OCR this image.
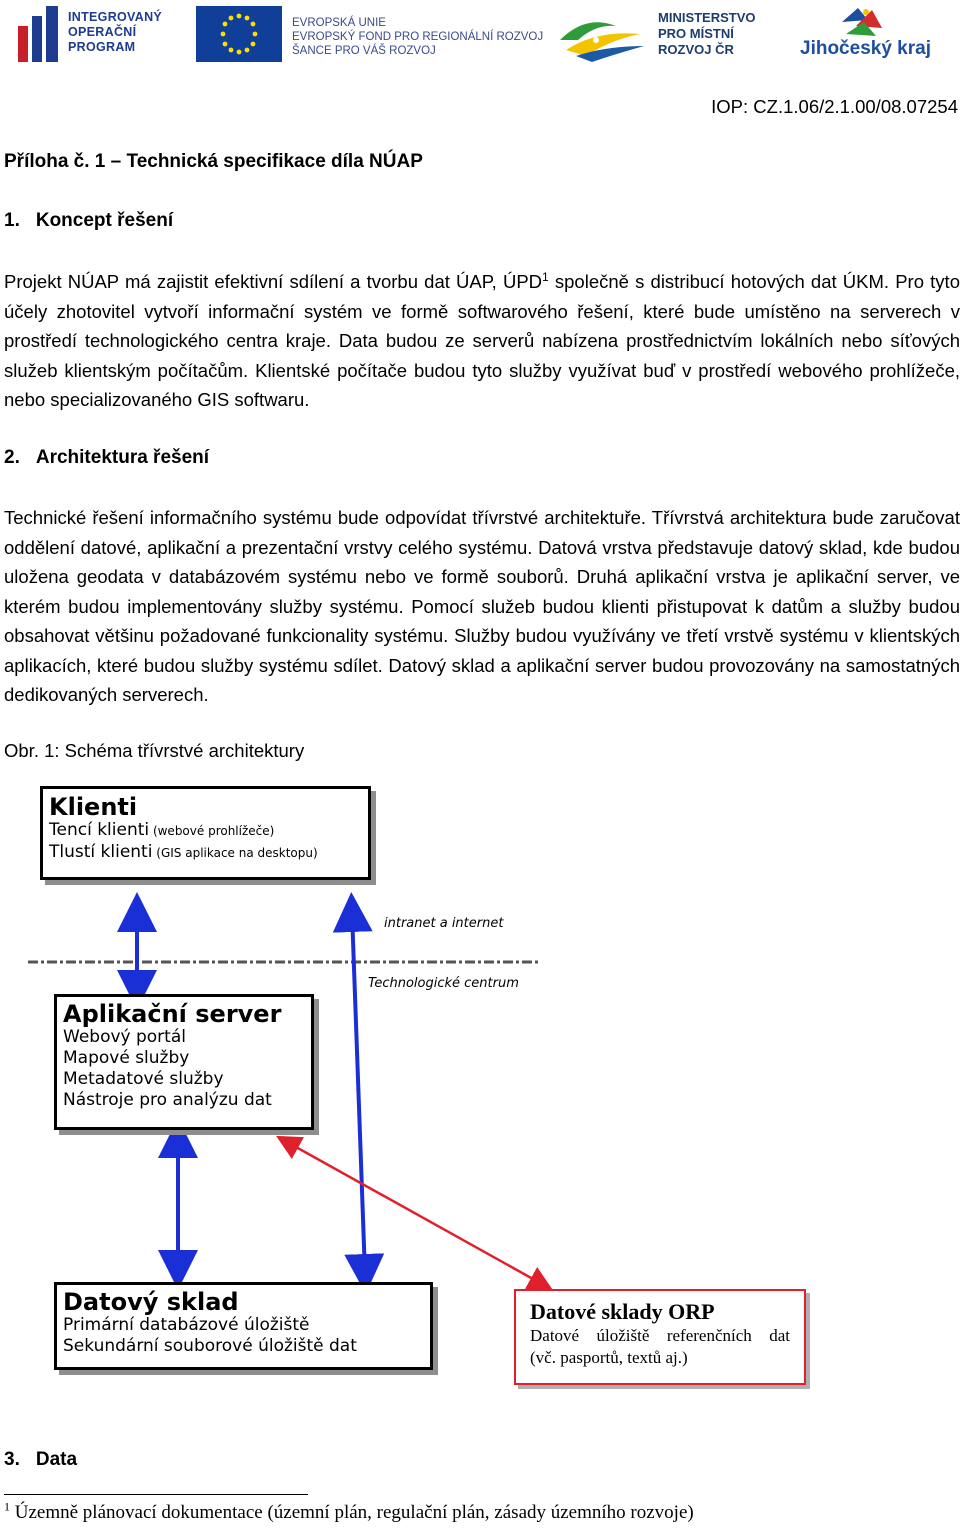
INTEGROVANÝ
OPERAČNÍ
PROGRAM
EVROPSKÁ UNIE
EVROPSKÝ FOND PRO REGIONÁLNÍ ROZVOJ
ŠANCE PRO VÁŠ ROZVOJ
MINISTERSTVO
PRO MÍSTNÍ
ROZVOJ ČR	Jihočeský kraj
IOP: CZ.1.06/2.1.00/08.07254
Příloha č. 1 – Technická specifikace díla NÚAP
1. Koncept řešení
Projekt NÚAP má zajistit efektivní sdílení a tvorbu dat ÚAP, ÚPD$^1$ společně s distribucí hotových dat ÚKM. Pro tyto účely zhotovitel vytvoří informační systém ve formě softwarového řešení, které bude umístěno na serverech v prostředí technologického centra kraje. Data budou ze serverů nabízena prostřednictvím lokálních nebo síťových služeb klientským počítačům. Klientské počítače budou tyto služby využívat buď v prostředí webového prohlížeče, nebo specializovaného GIS softwaru.
2. Architektura řešení
Technické řešení informačního systému bude odpovídat třívrstvé architektuře. Třívrstvá architektura bude zaručovat oddělení datové, aplikační a prezentační vrstvy celého systému. Datová vrstva představuje datový sklad, kde budou uložena geodata v databázovém systému nebo ve formě souborů. Druhá aplikační vrstva je aplikační server, ve kterém budou implementovány služby systému. Pomocí služeb budou klienti přistupovat k datům a služby budou obsahovat většinu požadované funkcionality systému. Služby budou využívány ve třetí vrstvě systému v klientských aplikacích, které budou služby systému sdílet. Datový sklad a aplikační server budou provozovány na samostatných dedikovaných serverech.
Obr. 1: Schéma třívrstvé architektury
Klienti
Tencí klienti (webové prohlížeče)
Tlustí klienti (GIS aplikace na desktopu)
intranet a internet
Technologické centrum
Aplikační server
Webový portál
Mapové služby
Metadatové služby
Nástroje pro analýzu dat
Datový sklad
Primární databázové úložiště
Sekundární souborové úložiště dat
Datové sklady ORP
Datové úložiště referenčních dat
(vč. pasportů, textů aj.)
3. Data
$^1$ Územně plánovací dokumentace (územní plán, regulační plán, zásady územního rozvoje)
